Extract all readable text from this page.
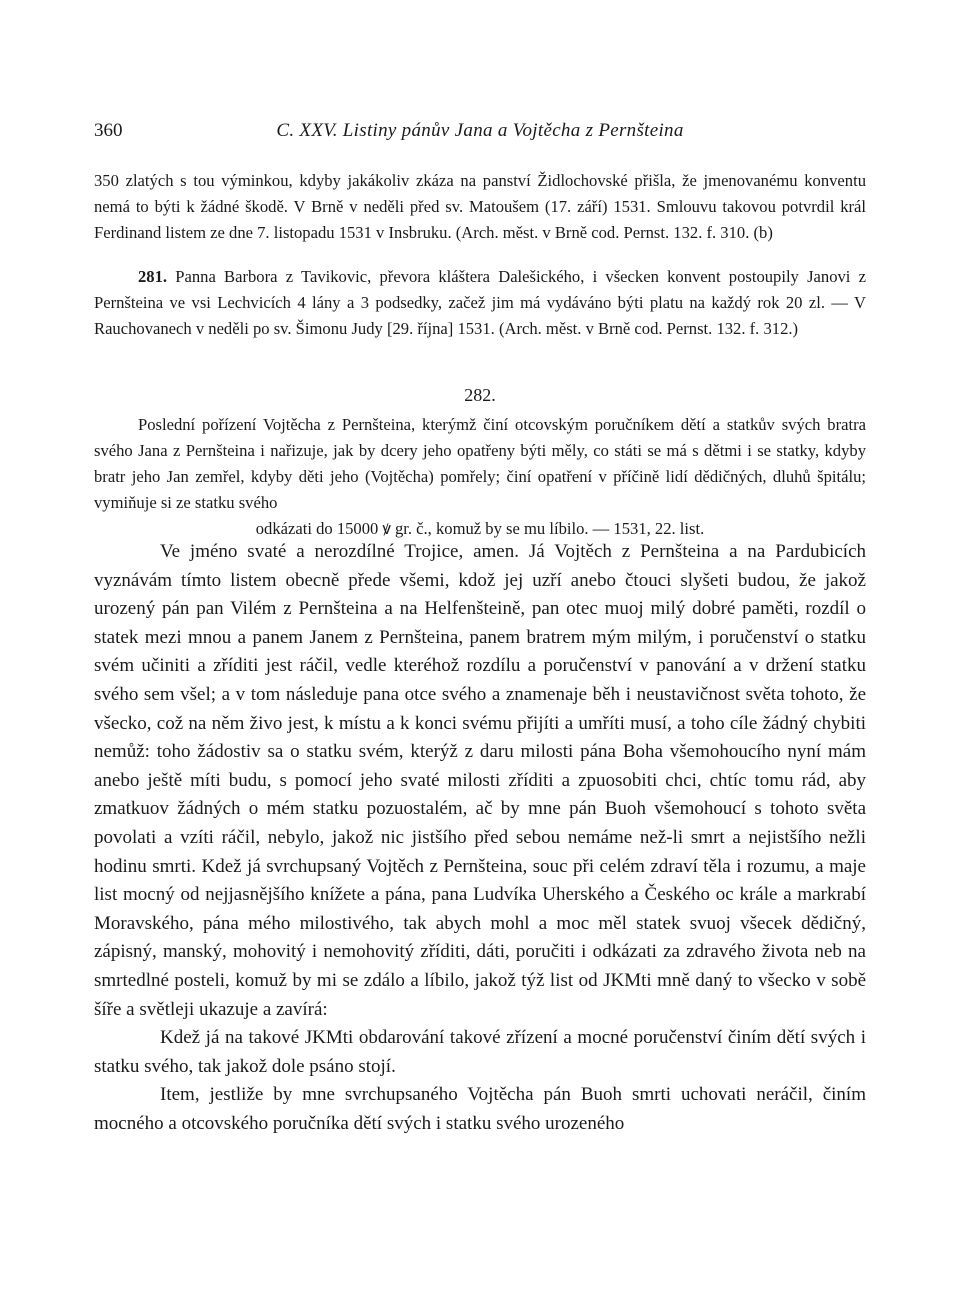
360	C. XXV. Listiny pánův Jana a Vojtěcha z Pernšteina

350 zlatých s tou výminkou, kdyby jakákoliv zkáza na panství Židlochovské přišla, že jmenovanému konventu nemá to býti k žádné škodě. V Brně v neděli před sv. Matoušem (17. září) 1531. Smlouvu takovou potvrdil král Ferdinand listem ze dne 7. listopadu 1531 v Insbruku. (Arch. měst. v Brně cod. Pernst. 132. f. 310. (b)

281. Panna Barbora z Tavikovic, převora kláštera Dalešického, i všecken konvent postoupily Janovi z Pernšteina ve vsi Lechvicích 4 lány a 3 podsedky, začež jim má vydáváno býti platu na každý rok 20 zl. — V Rauchovanech v neděli po sv. Šimonu Judy [29. října] 1531. (Arch. měst. v Brně cod. Pernst. 132. f. 312.)

282.

Poslední pořízení Vojtěcha z Pernšteina, kterýmž činí otcovským poručníkem dětí a statkův svých bratra svého Jana z Pernšteina i nařizuje, jak by dcery jeho opatřeny býti měly, co státi se má s dětmi i se statky, kdyby bratr jeho Jan zemřel, kdyby děti jeho (Vojtěcha) pomřely; činí opatření v příčině lidí dědičných, dluhů špitálu; vymiňuje si ze statku svého

odkázati do 15000 ꝟ gr. č., komuž by se mu líbilo. — 1531, 22. list.

Ve jméno svaté a nerozdílné Trojice, amen. Já Vojtěch z Pernšteina a na Pardubicích vyznávám tímto listem obecně přede všemi, kdož jej uzří anebo čtouci slyšeti budou, že jakož urozený pán pan Vilém z Pernšteina a na Helfenšteině, pan otec muoj milý dobré paměti, rozdíl o statek mezi mnou a panem Janem z Pernšteina, panem bratrem mým milým, i poručenství o statku svém učiniti a zříditi jest ráčil, vedle kteréhož rozdílu a poručenství v panování a v držení statku svého sem všel; a v tom následuje pana otce svého a znamenaje běh i neustavičnost světa tohoto, že všecko, což na něm živo jest, k místu a k konci svému přijíti a umříti musí, a toho cíle žádný chybiti nemůž: toho žádostiv sa o statku svém, kterýž z daru milosti pána Boha všemohoucího nyní mám anebo ještě míti budu, s pomocí jeho svaté milosti zříditi a zpuosobiti chci, chtíc tomu rád, aby zmatkuov žádných o mém statku pozuostalém, ač by mne pán Buoh všemohoucí s tohoto světa povolati a vzíti ráčil, nebylo, jakož nic jistšího před sebou nemáme než-li smrt a nejistšího nežli hodinu smrti. Kdež já svrchupsaný Vojtěch z Pernšteina, souc při celém zdraví těla i rozumu, a maje list mocný od nejjasnějšího knížete a pána, pana Ludvíka Uherského a Českého oc krále a markrabí Moravského, pána mého milostivého, tak abych mohl a moc měl statek svuoj všecek dědičný, zápisný, manský, mohovitý i nemohovitý zříditi, dáti, poručiti i odkázati za zdravého života neb na smrtedlné posteli, komuž by mi se zdálo a líbilo, jakož týž list od JKMti mně daný to všecko v sobě šíře a světleji ukazuje a zavírá:

Kdež já na takové JKMti obdarování takové zřízení a mocné poručenství činím dětí svých i statku svého, tak jakož dole psáno stojí.

Item, jestliže by mne svrchupsaného Vojtěcha pán Buoh smrti uchovati neráčil, činím mocného a otcovského poručníka dětí svých i statku svého urozeného
